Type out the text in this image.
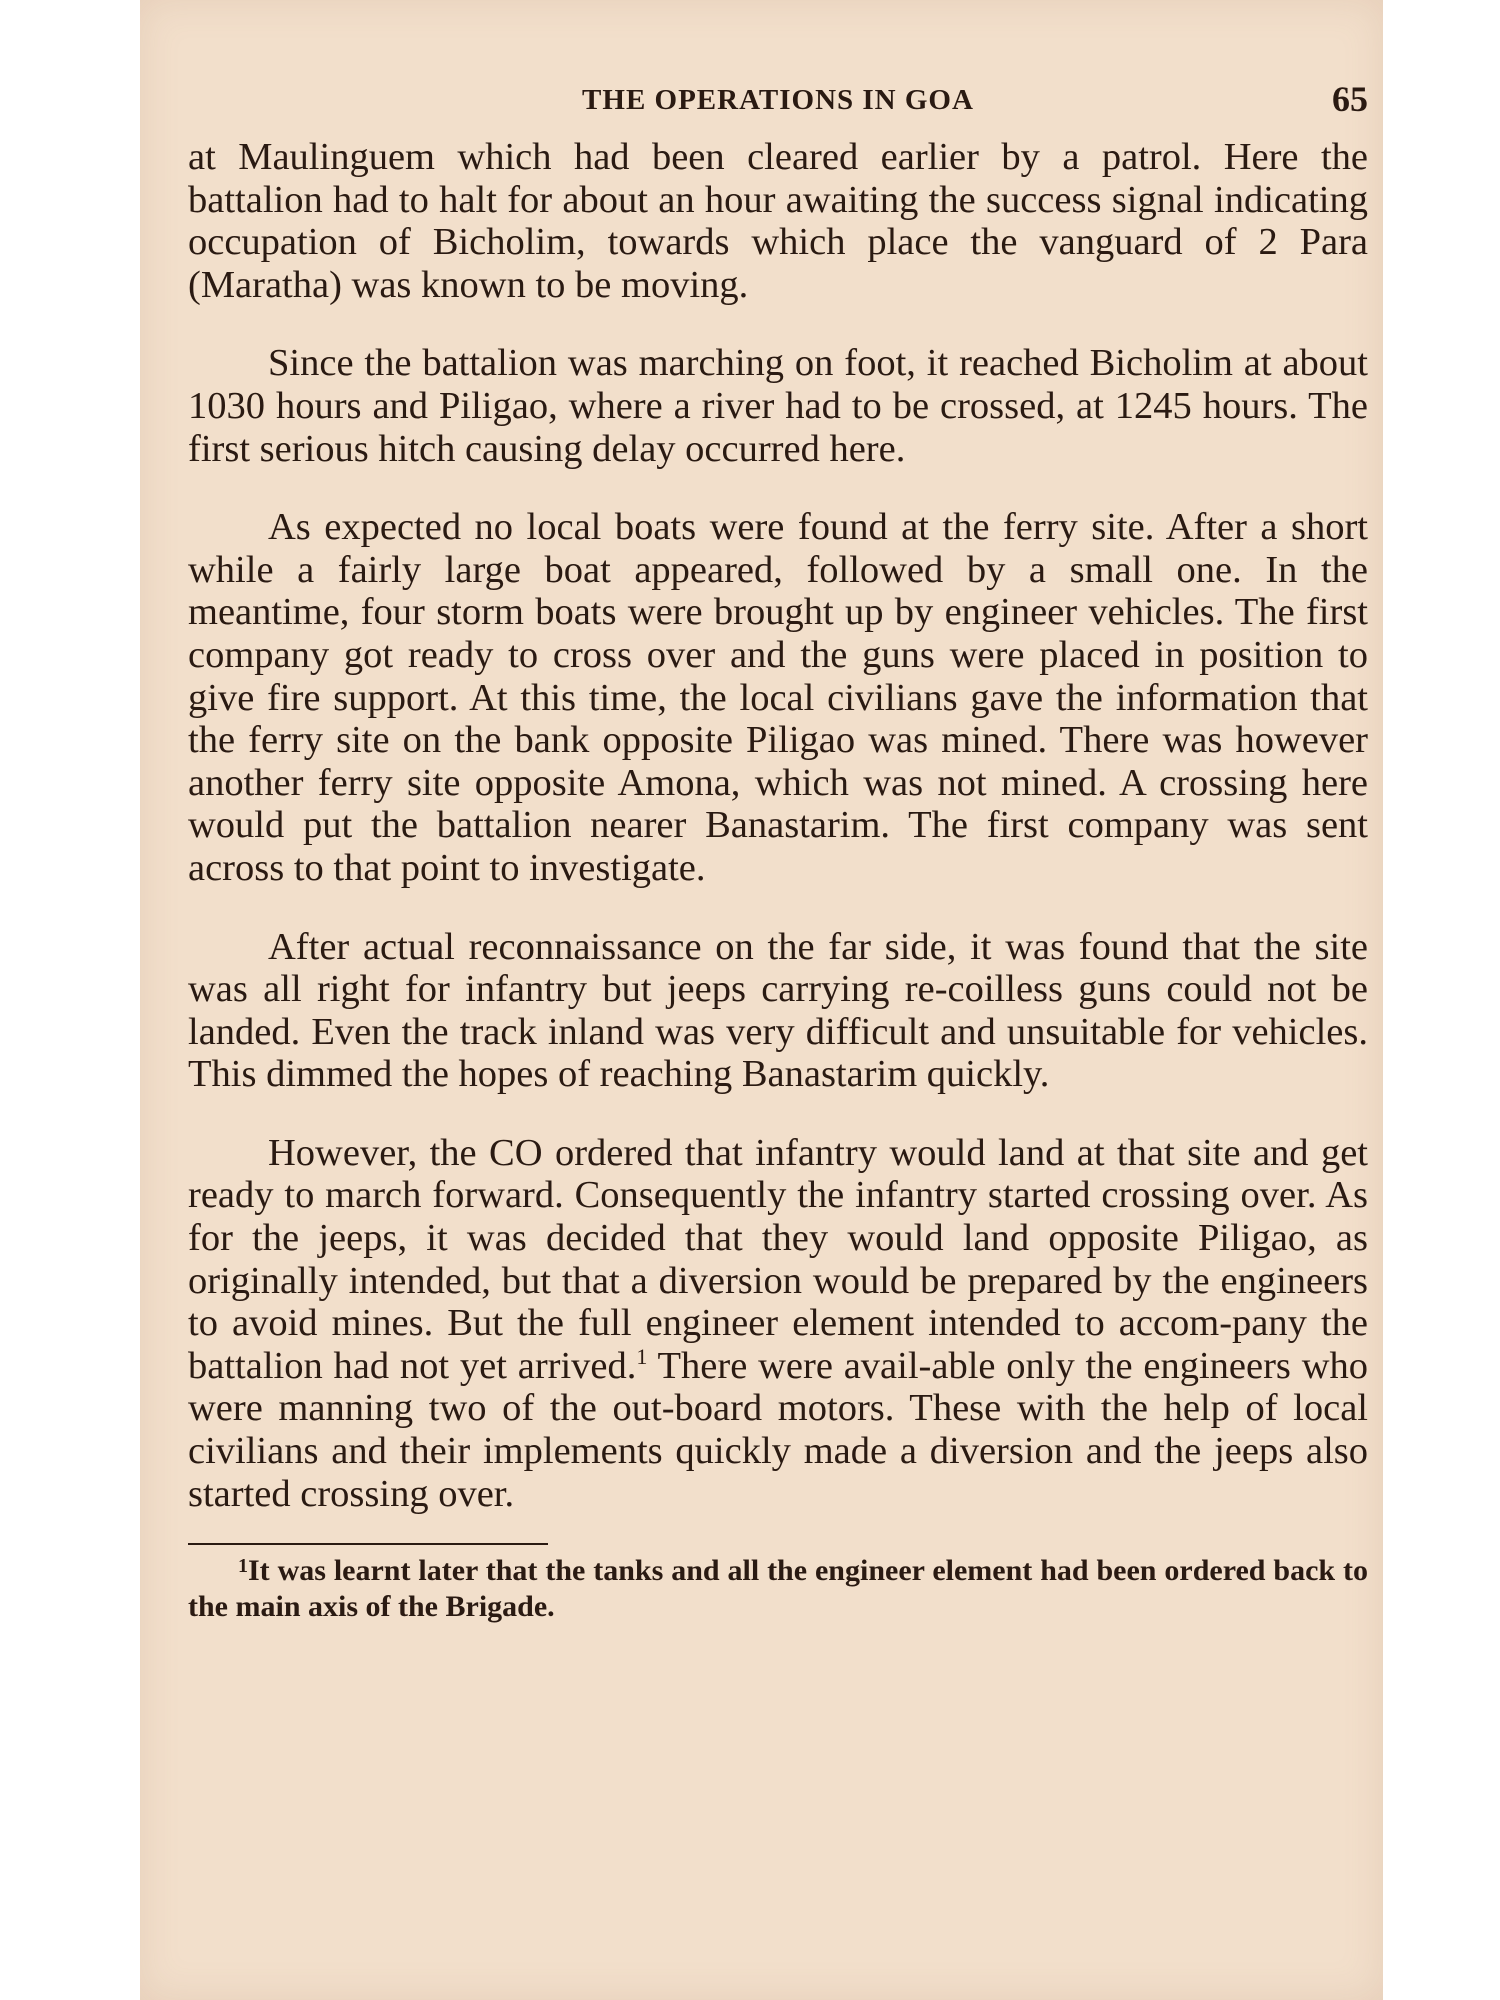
THE OPERATIONS IN GOA	65

at Maulinguem which had been cleared earlier by a patrol. Here the battalion had to halt for about an hour awaiting the success signal indicating occupation of Bicholim, towards which place the vanguard of 2 Para (Maratha) was known to be moving.

Since the battalion was marching on foot, it reached Bicholim at about 1030 hours and Piligao, where a river had to be crossed, at 1245 hours. The first serious hitch causing delay occurred here.

As expected no local boats were found at the ferry site. After a short while a fairly large boat appeared, followed by a small one. In the meantime, four storm boats were brought up by engineer vehicles. The first company got ready to cross over and the guns were placed in position to give fire support. At this time, the local civilians gave the information that the ferry site on the bank opposite Piligao was mined. There was however another ferry site opposite Amona, which was not mined. A crossing here would put the battalion nearer Banastarim. The first company was sent across to that point to investigate.

After actual reconnaissance on the far side, it was found that the site was all right for infantry but jeeps carrying re-coilless guns could not be landed. Even the track inland was very difficult and unsuitable for vehicles. This dimmed the hopes of reaching Banastarim quickly.

However, the CO ordered that infantry would land at that site and get ready to march forward. Consequently the infantry started crossing over. As for the jeeps, it was decided that they would land opposite Piligao, as originally intended, but that a diversion would be prepared by the engineers to avoid mines. But the full engineer element intended to accom-pany the battalion had not yet arrived.$^1$ There were avail-able only the engineers who were manning two of the out-board motors. These with the help of local civilians and their implements quickly made a diversion and the jeeps also started crossing over.

$^1$It was learnt later that the tanks and all the engineer element had been ordered back to the main axis of the Brigade.
